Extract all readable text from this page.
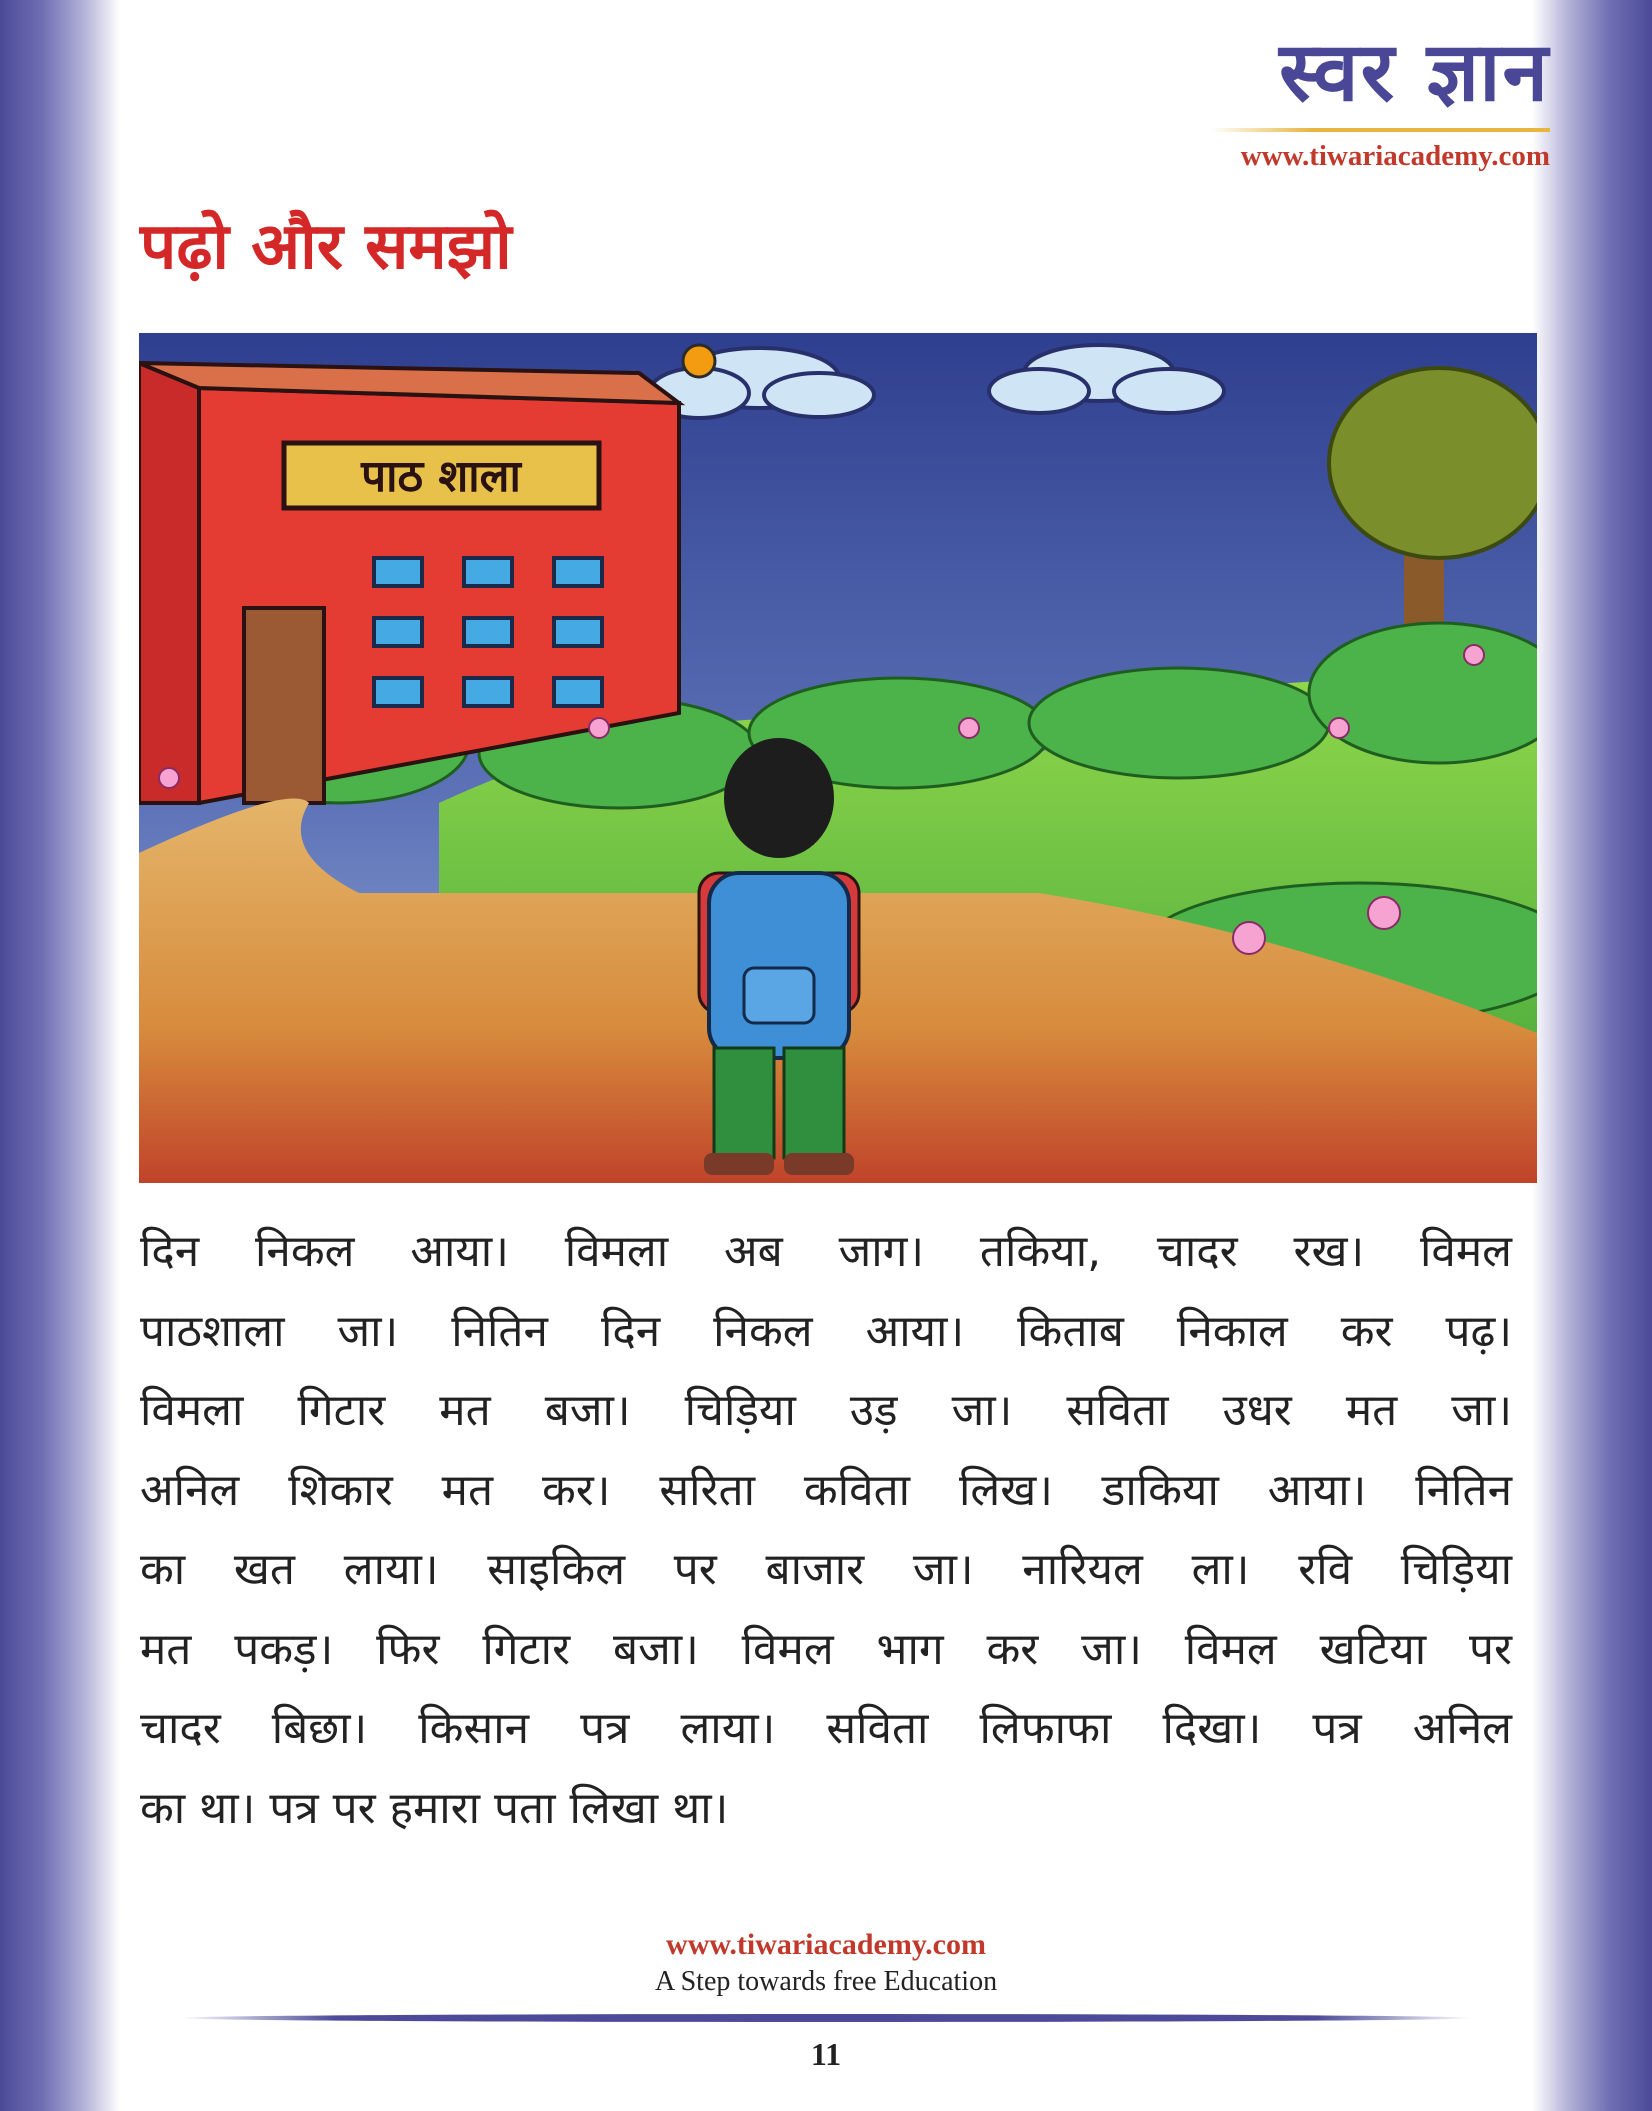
स्वर ज्ञान
www.tiwariacademy.com
पढ़ो और समझो
पाठ शाला
दिन निकल आया। विमला अब जाग। तकिया, चादर रख। विमल
पाठशाला जा। नितिन दिन निकल आया। किताब निकाल कर पढ़।
विमला गिटार मत बजा। चिड़िया उड़ जा। सविता उधर मत जा।
अनिल शिकार मत कर। सरिता कविता लिख। डाकिया आया। नितिन
का खत लाया। साइकिल पर बाजार जा। नारियल ला। रवि चिड़िया
मत पकड़। फिर गिटार बजा। विमल भाग कर जा। विमल खटिया पर
चादर बिछा। किसान पत्र लाया। सविता लिफाफा दिखा। पत्र अनिल
का था। पत्र पर हमारा पता लिखा था।
www.tiwariacademy.com
A Step towards free Education
11
